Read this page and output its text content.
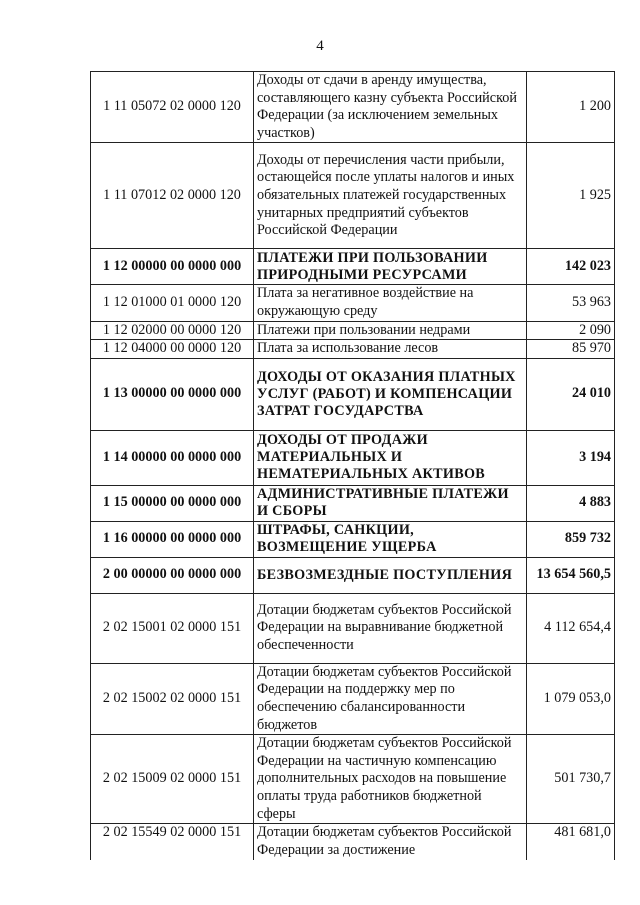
4
1 11 05072 02 0000 120	Доходы от сдачи в аренду имущества, составляющего казну субъекта Российской Федерации (за исключением земельных участков)	1 200
1 11 07012 02 0000 120	Доходы от перечисления части прибыли, остающейся после уплаты налогов и иных обязательных платежей государственных унитарных предприятий субъектов Российской Федерации	1 925
1 12 00000 00 0000 000	ПЛАТЕЖИ ПРИ ПОЛЬЗОВАНИИ ПРИРОДНЫМИ РЕСУРСАМИ	142 023
1 12 01000 01 0000 120	Плата за негативное воздействие на окружающую среду	53 963
1 12 02000 00 0000 120	Платежи при пользовании недрами	2 090
1 12 04000 00 0000 120	Плата за использование лесов	85 970
1 13 00000 00 0000 000	ДОХОДЫ ОТ ОКАЗАНИЯ ПЛАТНЫХ УСЛУГ (РАБОТ) И КОМПЕНСАЦИИ ЗАТРАТ ГОСУДАРСТВА	24 010
1 14 00000 00 0000 000	ДОХОДЫ ОТ ПРОДАЖИ МАТЕРИАЛЬНЫХ И НЕМАТЕРИАЛЬНЫХ АКТИВОВ	3 194
1 15 00000 00 0000 000	АДМИНИСТРАТИВНЫЕ ПЛАТЕЖИ И СБОРЫ	4 883
1 16 00000 00 0000 000	ШТРАФЫ, САНКЦИИ, ВОЗМЕЩЕНИЕ УЩЕРБА	859 732
2 00 00000 00 0000 000	БЕЗВОЗМЕЗДНЫЕ ПОСТУПЛЕНИЯ	13 654 560,5
2 02 15001 02 0000 151	Дотации бюджетам субъектов Российской Федерации на выравнивание бюджетной обеспеченности	4 112 654,4
2 02 15002 02 0000 151	Дотации бюджетам субъектов Российской Федерации на поддержку мер по обеспечению сбалансированности бюджетов	1 079 053,0
2 02 15009 02 0000 151	Дотации бюджетам субъектов Российской Федерации на частичную компенсацию дополнительных расходов на повышение оплаты труда работников бюджетной сферы	501 730,7
2 02 15549 02 0000 151	Дотации бюджетам субъектов Российской Федерации за достижение	481 681,0
